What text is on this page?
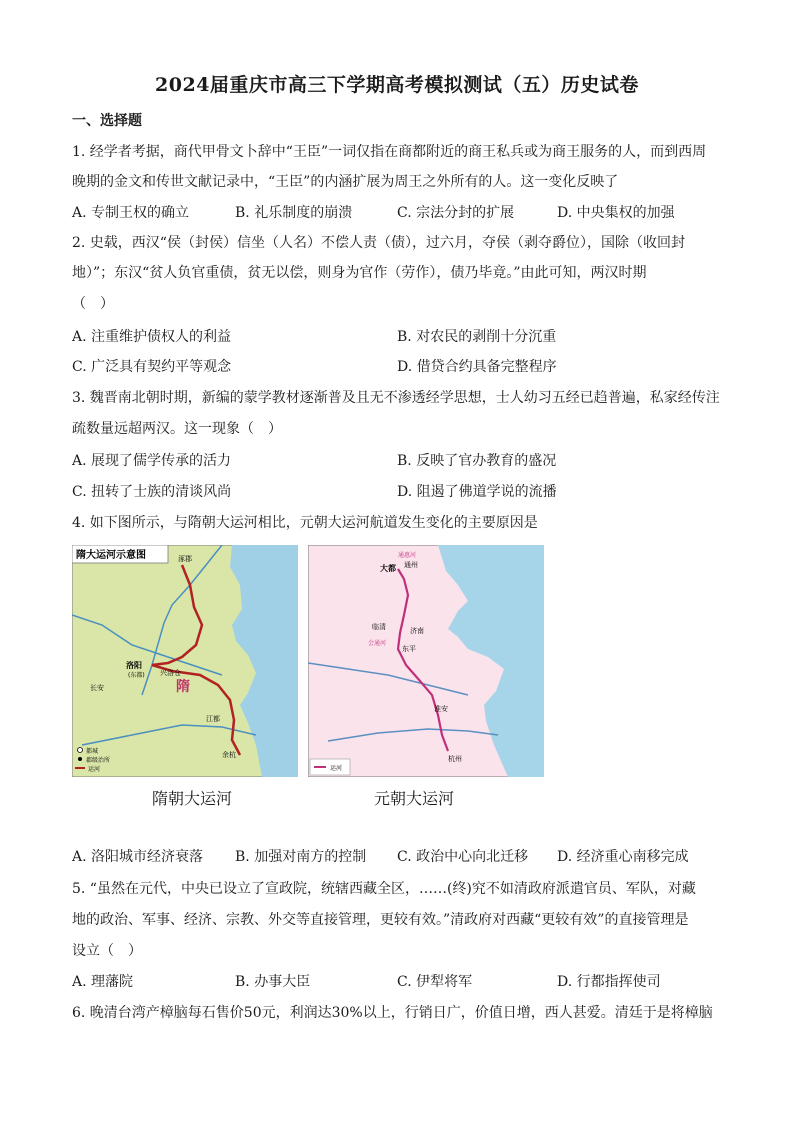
2024届重庆市高三下学期高考模拟测试（五）历史试卷
一、选择题
1. 经学者考据，商代甲骨文卜辞中“王臣”一词仅指在商都附近的商王私兵或为商王服务的人，而到西周
晚期的金文和传世文献记录中，“王臣”的内涵扩展为周王之外所有的人。这一变化反映了
A. 专制王权的确立	B. 礼乐制度的崩溃	C. 宗法分封的扩展	D. 中央集权的加强
2. 史载，西汉“侯（封侯）信坐（人名）不偿人责（债），过六月，夺侯（剥夺爵位），国除（收回封
地）”；东汉“贫人负官重债，贫无以偿，则身为官作（劳作），债乃毕竟。”由此可知，两汉时期
（　）
A. 注重维护债权人的利益	B. 对农民的剥削十分沉重
C. 广泛具有契约平等观念	D. 借贷合约具备完整程序
3. 魏晋南北朝时期，新编的蒙学教材逐渐普及且无不渗透经学思想，士人幼习五经已趋普遍，私家经传注
疏数量远超两汉。这一现象（　）
A. 展现了儒学传承的活力	B. 反映了官办教育的盛况
C. 扭转了士族的清谈风尚	D. 阻遏了佛道学说的流播
4. 如下图所示，与隋朝大运河相比，元朝大运河航道发生变化的主要原因是
隋大运河示意图	涿郡
洛阳
(东都)
长安
兴洛仓
江都
余杭
隋
都城
郡级治所
运河
大都 通州
临清	济南
东平
淮安
杭州
通惠河
会通河
运河
隋朝大运河	元朝大运河
A. 洛阳城市经济衰落 B. 加强对南方的控制 C. 政治中心向北迁移 D. 经济重心南移完成
5. “虽然在元代，中央已设立了宣政院，统辖西藏全区，……(终)究不如清政府派遣官员、军队，对藏
地的政治、军事、经济、宗教、外交等直接管理，更较有效。”清政府对西藏“更较有效”的直接管理是
设立（　）
A. 理藩院	B. 办事大臣	C. 伊犁将军	D. 行都指挥使司
6. 晚清台湾产樟脑每石售价50元，利润达30%以上，行销日广，价值日增，西人甚爱。清廷于是将樟脑
